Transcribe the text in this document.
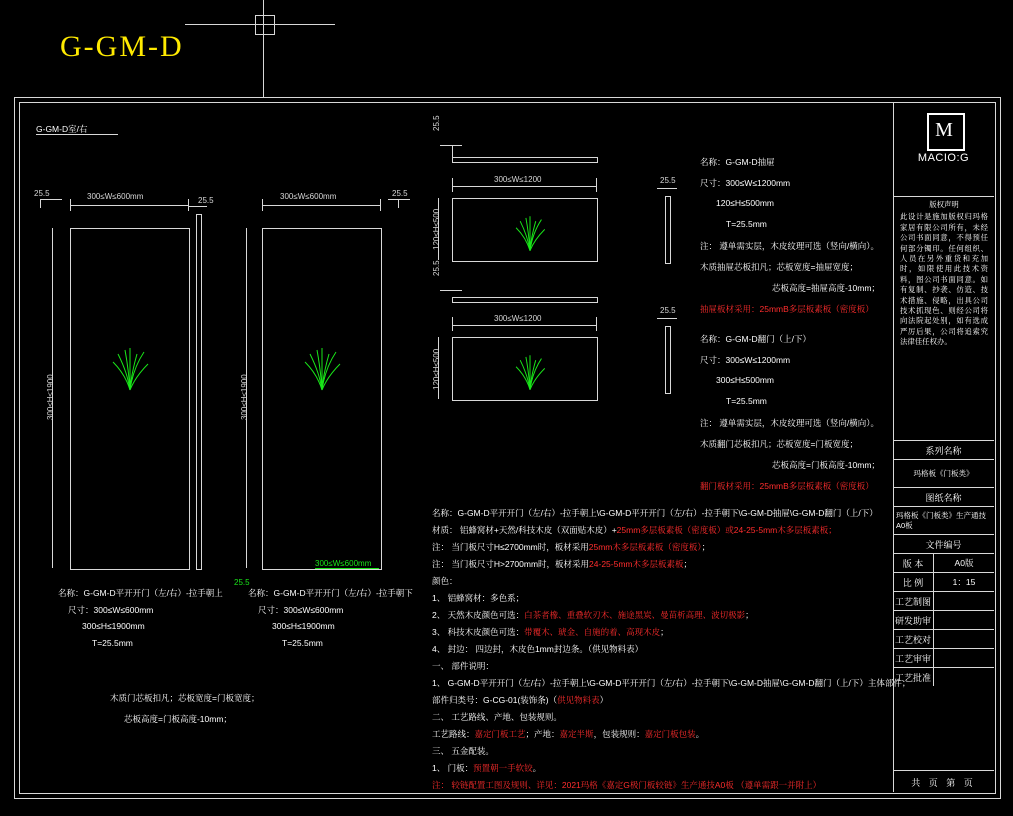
G-GM-D
G-GM-D室/右
300≤W≤600mm
300≤H≤1900
25.5
25.5	300≤W≤600mm
300≤H≤1900
25.5
300≤W≤600mm
25.5
名称：G-GM-D平开开门（左/右）-拉手朝上
尺寸：300≤W≤600mm
300≤H≤1900mm
T=25.5mm
名称：G-GM-D平开开门（左/右）-拉手朝下
尺寸：300≤W≤600mm
300≤H≤1900mm
T=25.5mm
木质门芯板扣凡；芯板宽度=门板宽度；
芯板高度=门板高度-10mm；
25.5
300≤W≤1200
120≤H≤500
25.5
300≤W≤1200
120≤H≤500
25.5
25.5
名称：G-GM-D抽屉
尺寸：300≤W≤1200mm
120≤H≤500mm
T=25.5mm
注： 遵单需实层，木皮纹理可选（竖向/横向）。
木质抽屉芯板扣凡；芯板宽度=抽屉宽度；
芯板高度=抽屉高度-10mm；
抽屉板材采用：25mmB多层板素板（密度板）
名称：G-GM-D翻门（上/下）
尺寸：300≤W≤1200mm
300≤H≤500mm
T=25.5mm
注： 遵单需实层，木皮纹理可选（竖向/横向）。
木质翻门芯板扣凡；芯板宽度=门板宽度；
芯板高度=门板高度-10mm；
翻门板材采用：25mmB多层板素板（密度板）
名称：G-GM-D平开开门（左/右）-拉手朝上\G-GM-D平开开门（左/右）-拉手朝下\G-GM-D抽屉\G-GM-D翻门（上/下）
材质： 铝蜂窝材+天然/科技木皮（双面贴木皮）+25mm多层板素板（密度板）或24-25-5mm木多层板素板；
注： 当门板尺寸H≤2700mm时，板材采用25mm木多层板素板（密度板）；
注： 当门板尺寸H>2700mm时，板材采用24-25-5mm木多层板素板；
颜色：
1、 铝蜂窝材：多色系；
2、 天然木皮颜色可选：白茶者橡、重叠软刃木、施途黑炭、曼苗析高理、波切极影；
3、 科技木皮颜色可选：带覆木、琥金、自施的着、高现木皮；
4、 封边： 四边封，木皮色1mm封边条。（供见物料表）
一、 部件说明：
1、 G-GM-D平开开门（左/右）-拉手朝上\G-GM-D平开开门（左/右）-拉手朝下\G-GM-D抽屉\G-GM-D翻门（上/下）主体部件；
部件归类号：G-CG-01(装饰条)（供见物料表）
二、 工艺路线、产地、包装规则。
工艺路线：嘉定门板工艺；产地：嘉定半斯，包装规则：嘉定门板包装。
三、 五金配装。
1、 门板：预置朝一手软铰。
注： 较链配置工图及规则、详见：2021玛格《嘉定G极门板较链》生产通技A0板 （遵单需跟一并附上）
M
MACIO:G
版权声明
此设计是施加版权归玛格家居有限公司所有，未经公司书面同意，不得预任何部分镯印。任何组织、人员在另外重货和充加时，如限使用此技术资料，图公司书面同意。如有复制、抄袭、仿造、技术措施、侵略，出具公司技术抓现色、则经公司将向法院起处别，如有选成严厉后果，公司将追索究法律佳任权办。
系列名称
玛格板《门板类》
图纸名称
玛格板《门板类》生产通技A0板
文件编号
版 本	A0版
比 例	1：15
工艺制图
研发助审
工艺校对
工艺审审
工艺批准
共 页 第 页
